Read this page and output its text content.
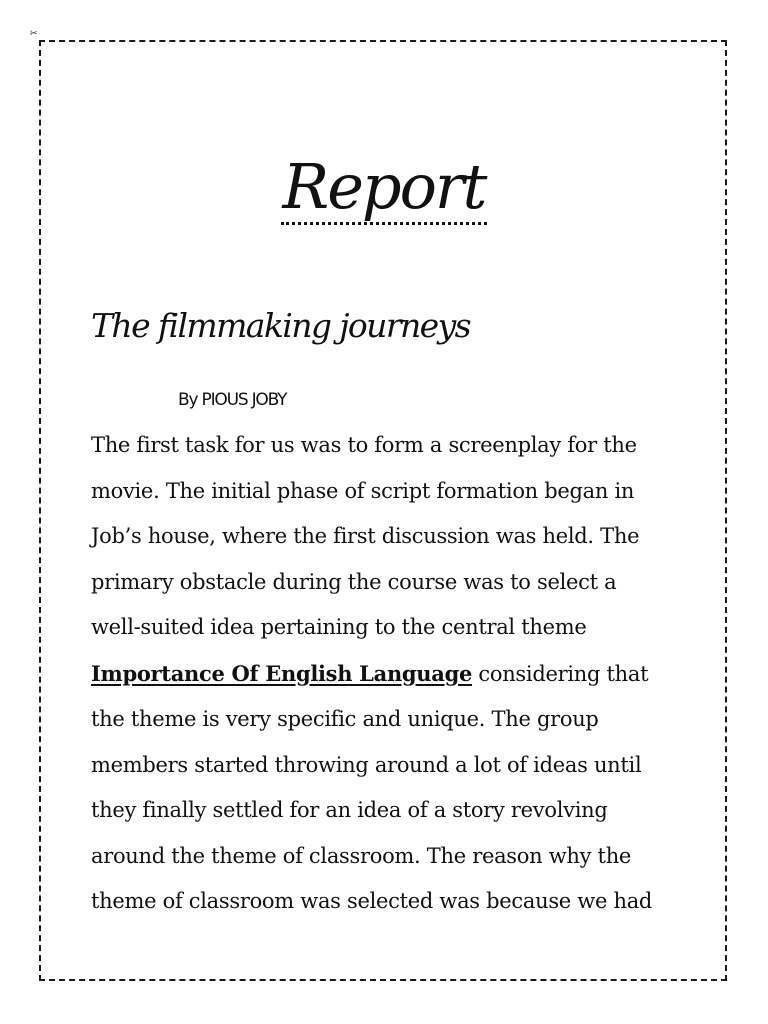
✂
Report
The filmmaking journeys
By PIOUS JOBY
The first task for us was to form a screenplay for the
movie. The initial phase of script formation began in
Job’s house, where the first discussion was held. The
primary obstacle during the course was to select a
well-suited idea pertaining to the central theme
Importance Of English Language considering that
the theme is very specific and unique. The group
members started throwing around a lot of ideas until
they finally settled for an idea of a story revolving
around the theme of classroom. The reason why the
theme of classroom was selected was because we had
